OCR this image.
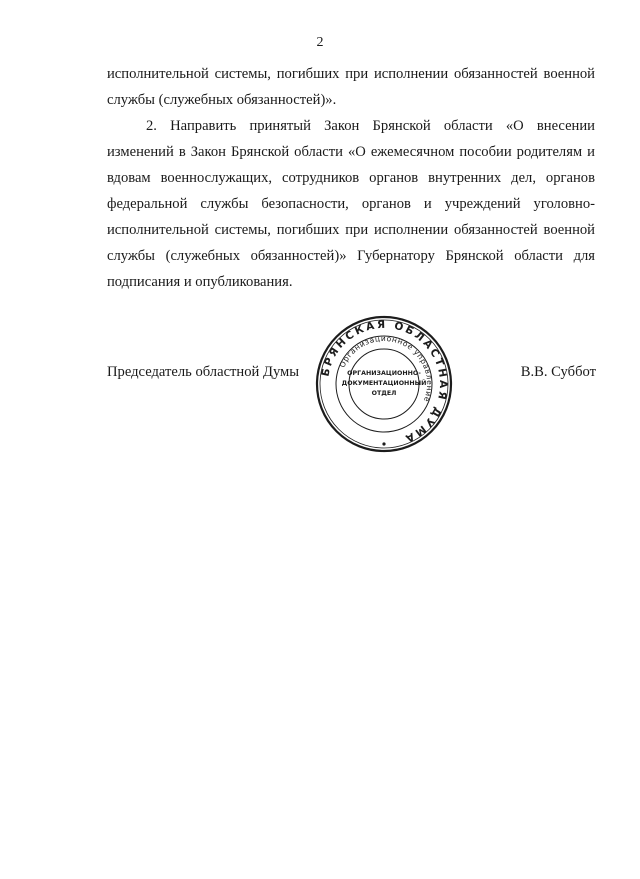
2
исполнительной системы, погибших при исполнении обязанностей военной службы (служебных обязанностей)».
2. Направить принятый Закон Брянской области «О внесении изменений в Закон Брянской области «О ежемесячном пособии родителям и вдовам военнослужащих, сотрудников органов внутренних дел, органов федеральной службы безопасности, органов и учреждений уголовно-исполнительной системы, погибших при исполнении обязанностей военной службы (служебных обязанностей)» Губернатору Брянской области для подписания и опубликования.
Председатель областной Думы	В.В. Суббот
БРЯНСКАЯ ОБЛАСТНАЯ ДУМА
Организационное управление
ОРГАНИЗАЦИОННО-
ДОКУМЕНТАЦИОННЫЙ
ОТДЕЛ
